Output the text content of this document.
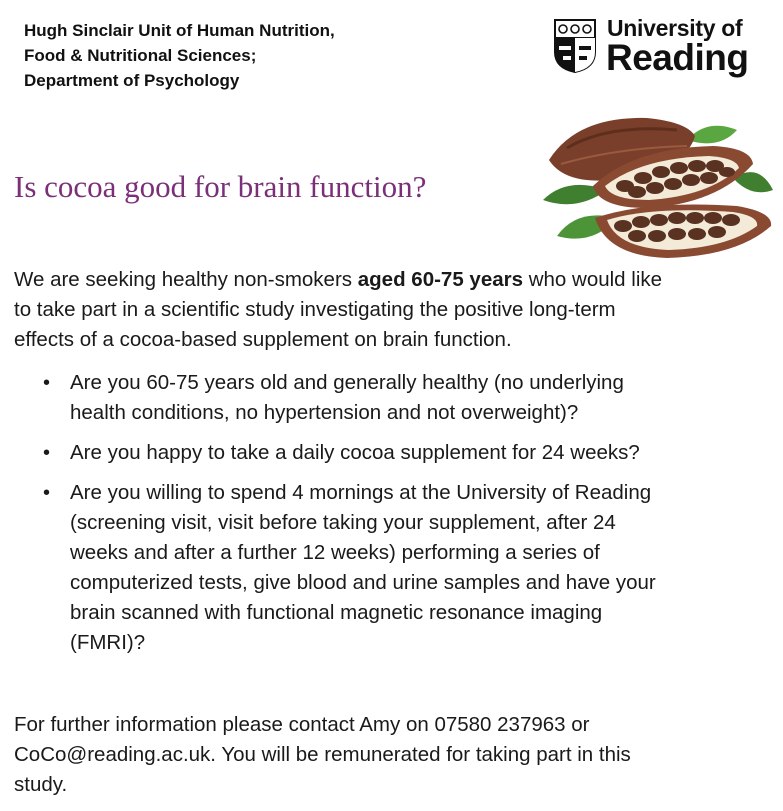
Hugh Sinclair Unit of Human Nutrition,
Food & Nutritional Sciences;
Department of Psychology
University of
Reading
Is cocoa good for brain function?
We are seeking healthy non-smokers aged 60-75 years who would like
to take part in a scientific study investigating the positive long-term
effects of a cocoa-based supplement on brain function.
• Are you 60-75 years old and generally healthy (no underlying
health conditions, no hypertension and not overweight)?
• Are you happy to take a daily cocoa supplement for 24 weeks?
• Are you willing to spend 4 mornings at the University of Reading
(screening visit, visit before taking your supplement, after 24
weeks and after a further 12 weeks) performing a series of
computerized tests, give blood and urine samples and have your
brain scanned with functional magnetic resonance imaging
(FMRI)?
For further information please contact Amy on 07580 237963 or
CoCo@reading.ac.uk. You will be remunerated for taking part in this
study.
